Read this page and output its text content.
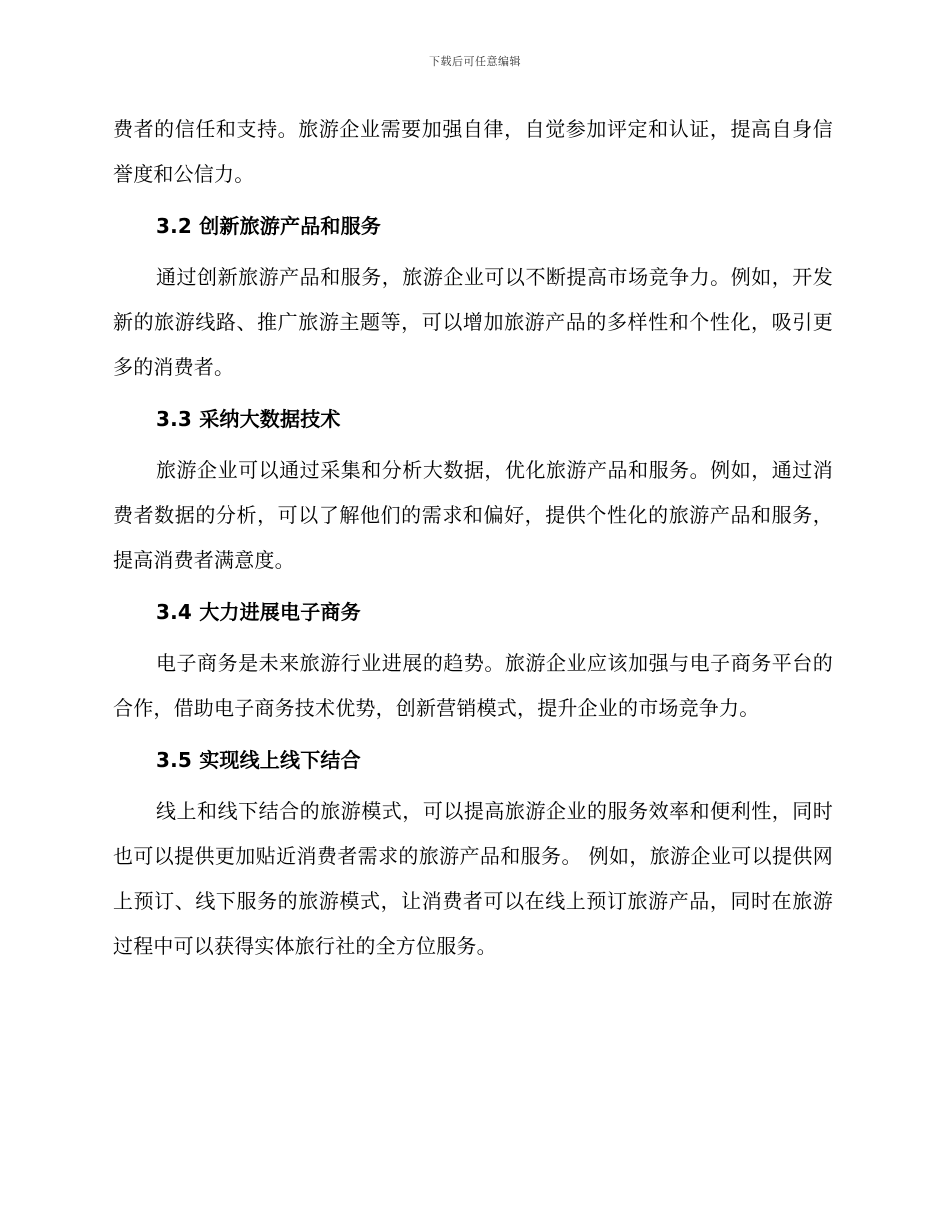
下载后可任意编辑

费者的信任和支持。旅游企业需要加强自律，自觉参加评定和认证，提高自身信誉度和公信力。

3.2 创新旅游产品和服务

通过创新旅游产品和服务，旅游企业可以不断提高市场竞争力。例如，开发新的旅游线路、推广旅游主题等，可以增加旅游产品的多样性和个性化，吸引更多的消费者。

3.3 采纳大数据技术

旅游企业可以通过采集和分析大数据，优化旅游产品和服务。例如，通过消费者数据的分析，可以了解他们的需求和偏好，提供个性化的旅游产品和服务，提高消费者满意度。

3.4 大力进展电子商务

电子商务是未来旅游行业进展的趋势。旅游企业应该加强与电子商务平台的合作，借助电子商务技术优势，创新营销模式，提升企业的市场竞争力。

3.5 实现线上线下结合

线上和线下结合的旅游模式，可以提高旅游企业的服务效率和便利性，同时也可以提供更加贴近消费者需求的旅游产品和服务。 例如，旅游企业可以提供网上预订、线下服务的旅游模式，让消费者可以在线上预订旅游产品，同时在旅游过程中可以获得实体旅行社的全方位服务。
